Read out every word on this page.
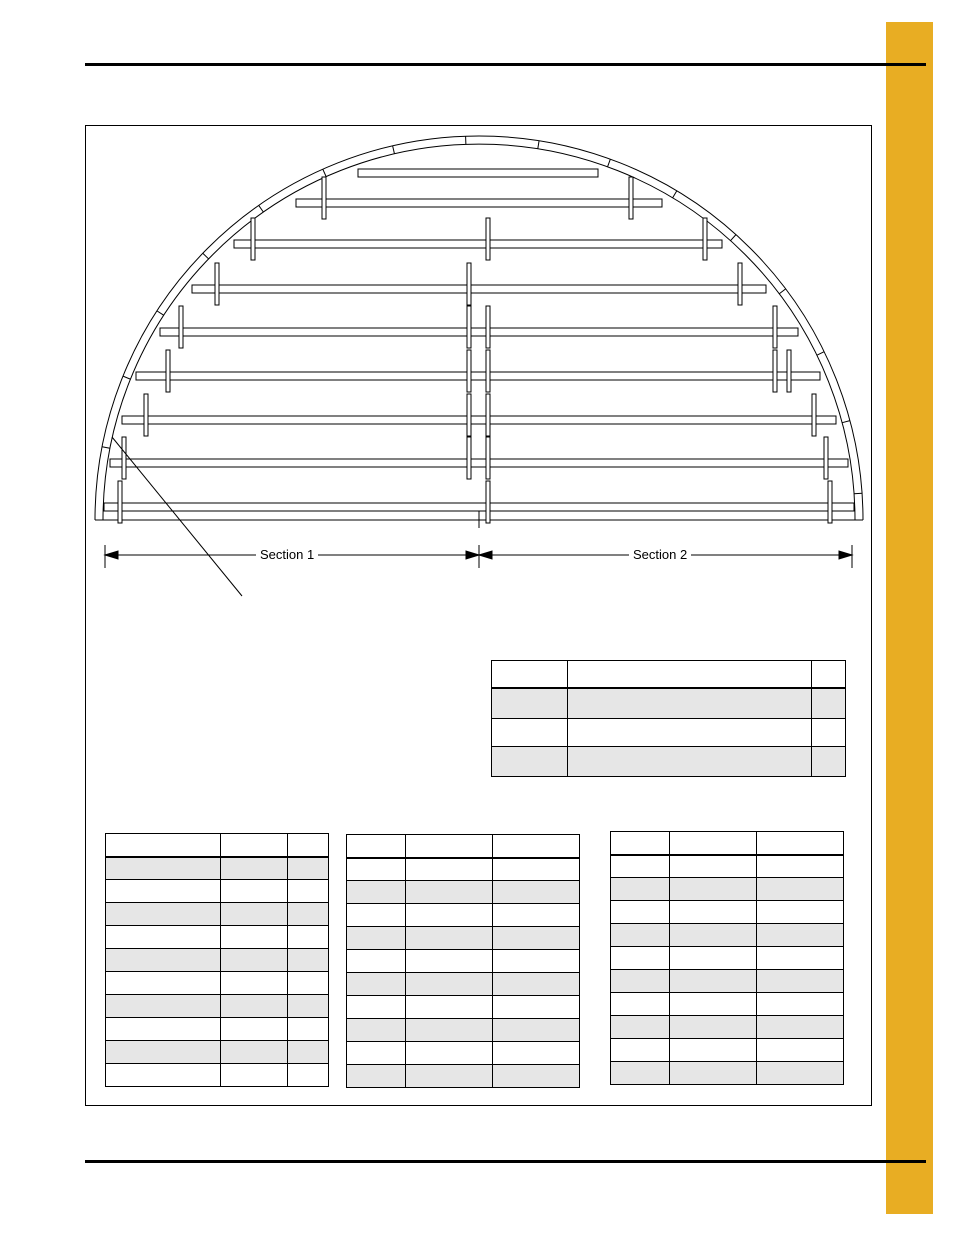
Section 1	Section 2
